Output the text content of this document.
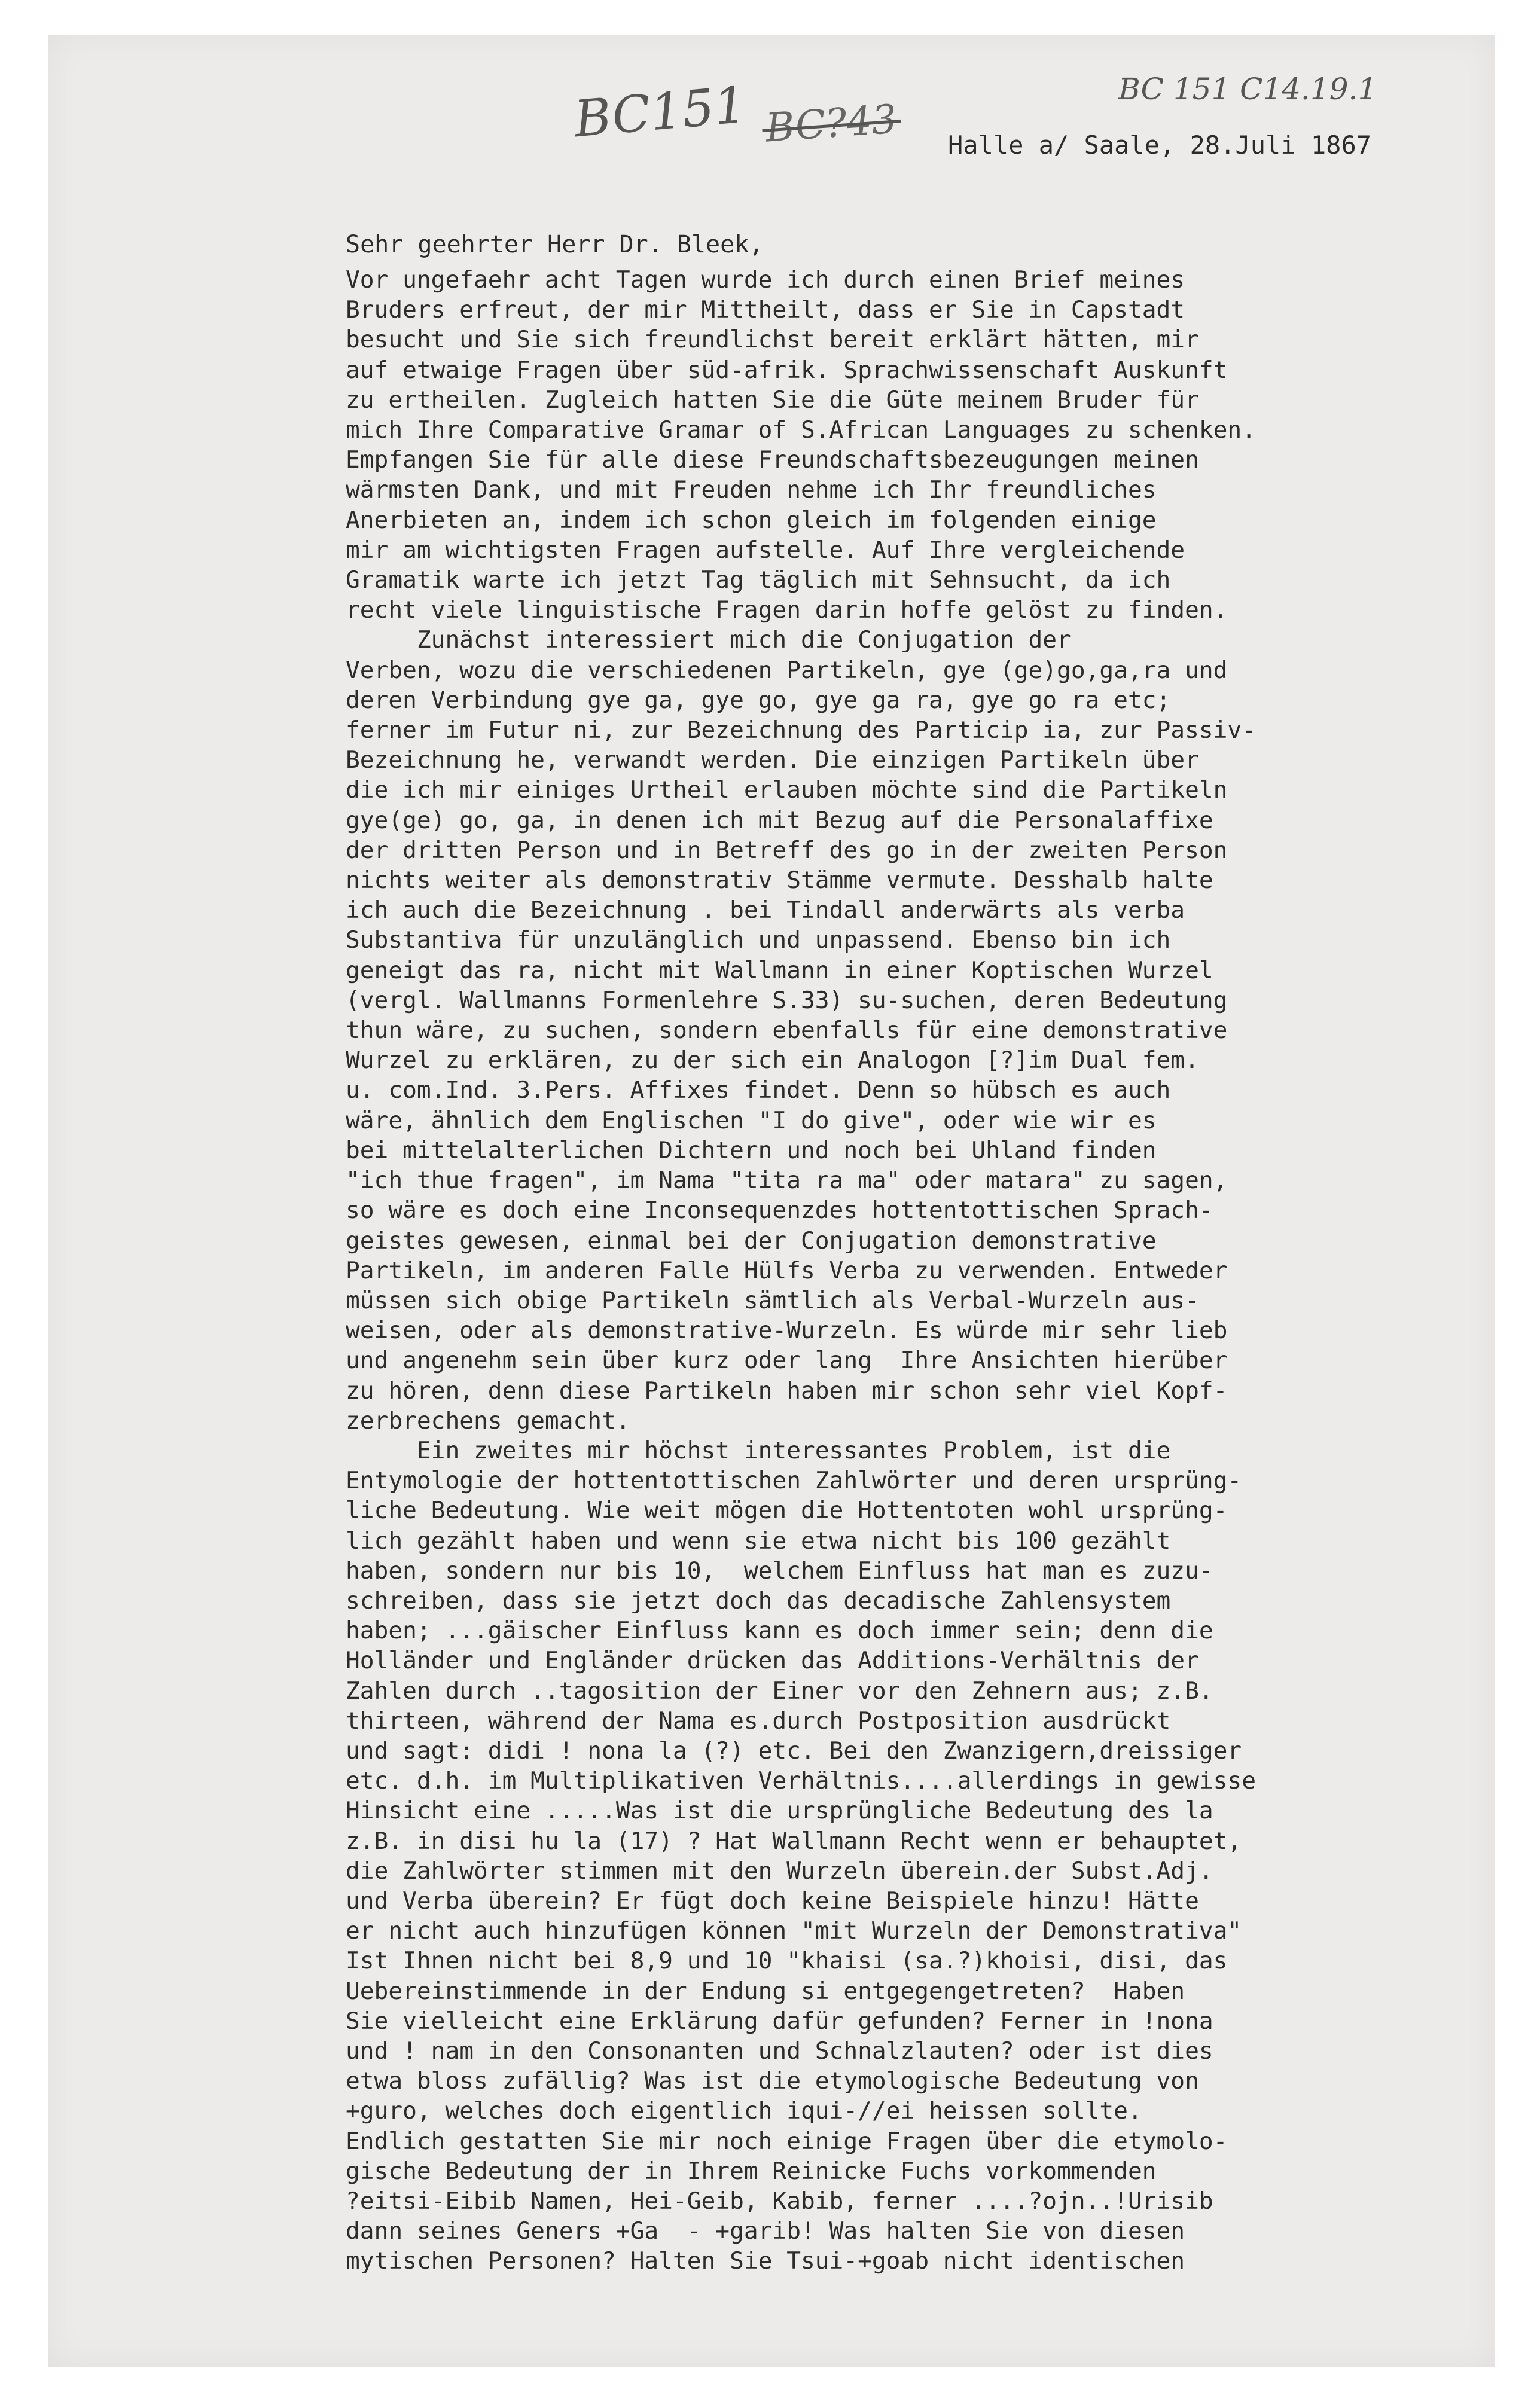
BC151 BC?43
BC 151 C14.19.1
Halle a/ Saale, 28.Juli 1867
Sehr geehrter Herr Dr. Bleek,
Vor ungefaehr acht Tagen wurde ich durch einen Brief meines
Bruders erfreut, der mir Mittheilt, dass er Sie in Capstadt
besucht und Sie sich freundlichst bereit erklärt hätten, mir
auf etwaige Fragen über süd-afrik. Sprachwissenschaft Auskunft
zu ertheilen. Zugleich hatten Sie die Güte meinem Bruder für
mich Ihre Comparative Gramar of S.African Languages zu schenken.
Empfangen Sie für alle diese Freundschaftsbezeugungen meinen
wärmsten Dank, und mit Freuden nehme ich Ihr freundliches
Anerbieten an, indem ich schon gleich im folgenden einige
mir am wichtigsten Fragen aufstelle. Auf Ihre vergleichende
Gramatik warte ich jetzt Tag täglich mit Sehnsucht, da ich
recht viele linguistische Fragen darin hoffe gelöst zu finden.
Zunächst interessiert mich die Conjugation der
Verben, wozu die verschiedenen Partikeln, gye (ge)go,ga,ra und
deren Verbindung gye ga, gye go, gye ga ra, gye go ra etc;
ferner im Futur ni, zur Bezeichnung des Particip ia, zur Passiv-
Bezeichnung he, verwandt werden. Die einzigen Partikeln über
die ich mir einiges Urtheil erlauben möchte sind die Partikeln
gye(ge) go, ga, in denen ich mit Bezug auf die Personalaffixe
der dritten Person und in Betreff des go in der zweiten Person
nichts weiter als demonstrativ Stämme vermute. Desshalb halte
ich auch die Bezeichnung . bei Tindall anderwärts als verba
Substantiva für unzulänglich und unpassend. Ebenso bin ich
geneigt das ra, nicht mit Wallmann in einer Koptischen Wurzel
(vergl. Wallmanns Formenlehre S.33) su-suchen, deren Bedeutung
thun wäre, zu suchen, sondern ebenfalls für eine demonstrative
Wurzel zu erklären, zu der sich ein Analogon [?]im Dual fem.
u. com.Ind. 3.Pers. Affixes findet. Denn so hübsch es auch
wäre, ähnlich dem Englischen "I do give", oder wie wir es
bei mittelalterlichen Dichtern und noch bei Uhland finden
"ich thue fragen", im Nama "tita ra ma" oder matara" zu sagen,
so wäre es doch eine Inconsequenzdes hottentottischen Sprach-
geistes gewesen, einmal bei der Conjugation demonstrative
Partikeln, im anderen Falle Hülfs Verba zu verwenden. Entweder
müssen sich obige Partikeln sämtlich als Verbal-Wurzeln aus-
weisen, oder als demonstrative-Wurzeln. Es würde mir sehr lieb
und angenehm sein über kurz oder lang  Ihre Ansichten hierüber
zu hören, denn diese Partikeln haben mir schon sehr viel Kopf-
zerbrechens gemacht.
Ein zweites mir höchst interessantes Problem, ist die
Entymologie der hottentottischen Zahlwörter und deren ursprüng-
liche Bedeutung. Wie weit mögen die Hottentoten wohl ursprüng-
lich gezählt haben und wenn sie etwa nicht bis 100 gezählt
haben, sondern nur bis 10,  welchem Einfluss hat man es zuzu-
schreiben, dass sie jetzt doch das decadische Zahlensystem
haben; ...gäischer Einfluss kann es doch immer sein; denn die
Holländer und Engländer drücken das Additions-Verhältnis der
Zahlen durch ..tagosition der Einer vor den Zehnern aus; z.B.
thirteen, während der Nama es.durch Postposition ausdrückt
und sagt: didi ! nona la (?) etc. Bei den Zwanzigern,dreissiger
etc. d.h. im Multiplikativen Verhältnis....allerdings in gewisse
Hinsicht eine .....Was ist die ursprüngliche Bedeutung des la
z.B. in disi hu la (17) ? Hat Wallmann Recht wenn er behauptet,
die Zahlwörter stimmen mit den Wurzeln überein.der Subst.Adj.
und Verba überein? Er fügt doch keine Beispiele hinzu! Hätte
er nicht auch hinzufügen können "mit Wurzeln der Demonstrativa"
Ist Ihnen nicht bei 8,9 und 10 "khaisi (sa.?)khoisi, disi, das
Uebereinstimmende in der Endung si entgegengetreten?  Haben
Sie vielleicht eine Erklärung dafür gefunden? Ferner in !nona
und ! nam in den Consonanten und Schnalzlauten? oder ist dies
etwa bloss zufällig? Was ist die etymologische Bedeutung von
+guro, welches doch eigentlich iqui-//ei heissen sollte.
Endlich gestatten Sie mir noch einige Fragen über die etymolo-
gische Bedeutung der in Ihrem Reinicke Fuchs vorkommenden
?eitsi-Eibib Namen, Hei-Geib, Kabib, ferner ....?ojn..!Urisib
dann seines Geners +Ga  - +garib! Was halten Sie von diesen
mytischen Personen? Halten Sie Tsui-+goab nicht identischen
